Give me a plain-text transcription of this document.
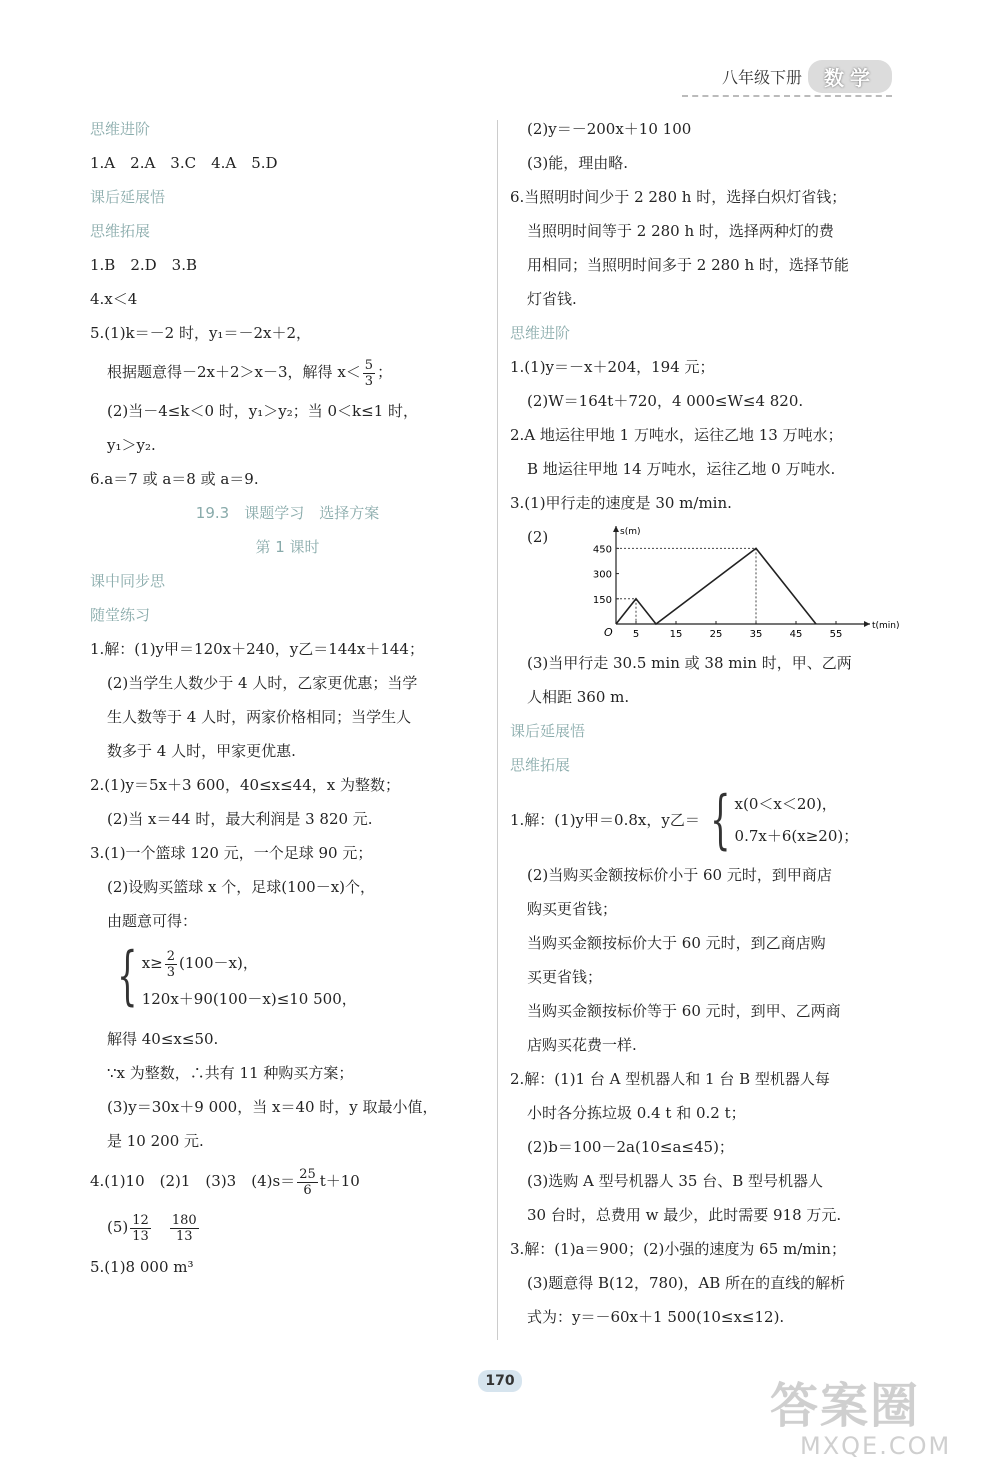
八年级下册	数学
思维进阶
1.A　2.A　3.C　4.A　5.D
课后延展悟
思维拓展
1.B　2.D　3.B
4.x＜4
5.(1)k＝－2 时，y₁＝－2x＋2，
根据题意得－2x＋2＞x－3，解得 $x< \frac{5}{3}$ ；
(2)当－4≤k＜0 时，y₁＞y₂；当 0＜k≤1 时，
y₁＞y₂.
6.a＝7 或 a＝8 或 a＝9.
19.3　课题学习　选择方案
第 1 课时
课中同步思
随堂练习
1.解：(1)y甲＝120x＋240，y乙＝144x＋144；
(2)当学生人数少于 4 人时，乙家更优惠；当学
生人数等于 4 人时，两家价格相同；当学生人
数多于 4 人时，甲家更优惠.
2.(1)y＝5x＋3 600，40≤x≤44，x 为整数；
(2)当 x＝44 时，最大利润是 3 820 元.
3.(1)一个篮球 120 元，一个足球 90 元；
(2)设购买篮球 x 个，足球(100－x)个，
由题意可得：
{ $x\ge \frac{2}{3} (100-x)$，
120x＋90(100－x)≤10 500，
解得 40≤x≤50.
∵x 为整数，∴共有 11 种购买方案；
(3)y＝30x＋9 000，当 x＝40 时，y 取最小值，
是 10 200 元.
4.(1)10　(2)1　(3)3　$(4)s= \frac{25}{6} t+10$
$(5) \frac{12}{13}$
　 $\frac{180}{13}$
5.(1)8 000 m³
(2)y＝－200x＋10 100
(3)能，理由略.
6.当照明时间少于 2 280 h 时，选择白炽灯省钱；
当照明时间等于 2 280 h 时，选择两种灯的费
用相同；当照明时间多于 2 280 h 时，选择节能
灯省钱.
思维进阶
1.(1)y＝－x＋204，194 元；
(2)W＝164t＋720，4 000≤W≤4 820.
2.A 地运往甲地 1 万吨水，运往乙地 13 万吨水；
B 地运往甲地 14 万吨水，运往乙地 0 万吨水.
3.(1)甲行走的速度是 30 m/min.
(2)
t(min)
s(m)
O 5	15	25	35	45	55
150
300
450
(3)当甲行走 30.5 min 或 38 min 时，甲、乙两
人相距 360 m.
课后延展悟
思维拓展
1.解：(1)y甲＝0.8x，y乙＝ { x(0＜x＜20)，
0.7x＋6(x≥20)；
(2)当购买金额按标价小于 60 元时，到甲商店
购买更省钱；
当购买金额按标价大于 60 元时，到乙商店购
买更省钱；
当购买金额按标价等于 60 元时，到甲、乙两商
店购买花费一样.
2.解：(1)1 台 A 型机器人和 1 台 B 型机器人每
小时各分拣垃圾 0.4 t 和 0.2 t；
(2)b＝100－2a(10≤a≤45)；
(3)选购 A 型号机器人 35 台、B 型号机器人
30 台时，总费用 w 最少，此时需要 918 万元.
3.解：(1)a＝900；(2)小强的速度为 65 m/min；
(3)题意得 B(12，780)，AB 所在的直线的解析
式为：y＝－60x＋1 500(10≤x≤12).
170	答案圈
MXQE.COM
